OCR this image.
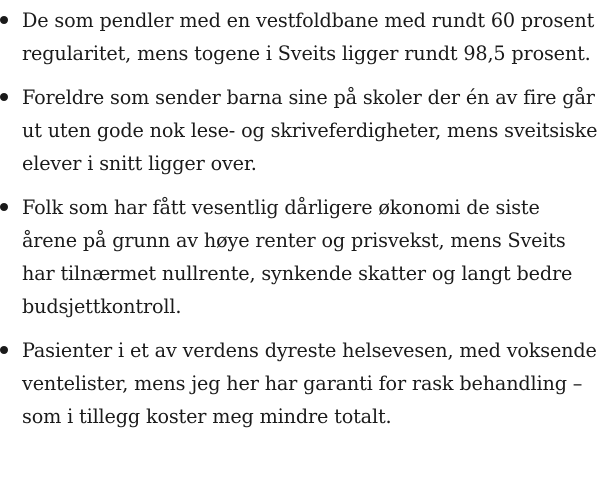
De som pendler med en vestfoldbane med rundt 60 prosent regularitet, mens togene i Sveits ligger rundt 98,5 prosent.
Foreldre som sender barna sine på skoler der én av fire går ut uten gode nok lese- og skriveferdigheter, mens sveitsiske elever i snitt ligger over.
Folk som har fått vesentlig dårligere økonomi de siste årene på grunn av høye renter og prisvekst, mens Sveits har tilnærmet nullrente, synkende skatter og langt bedre budsjettkontroll.
Pasienter i et av verdens dyreste helsevesen, med voksende ventelister, mens jeg her har garanti for rask behandling – som i tillegg koster meg mindre totalt.
